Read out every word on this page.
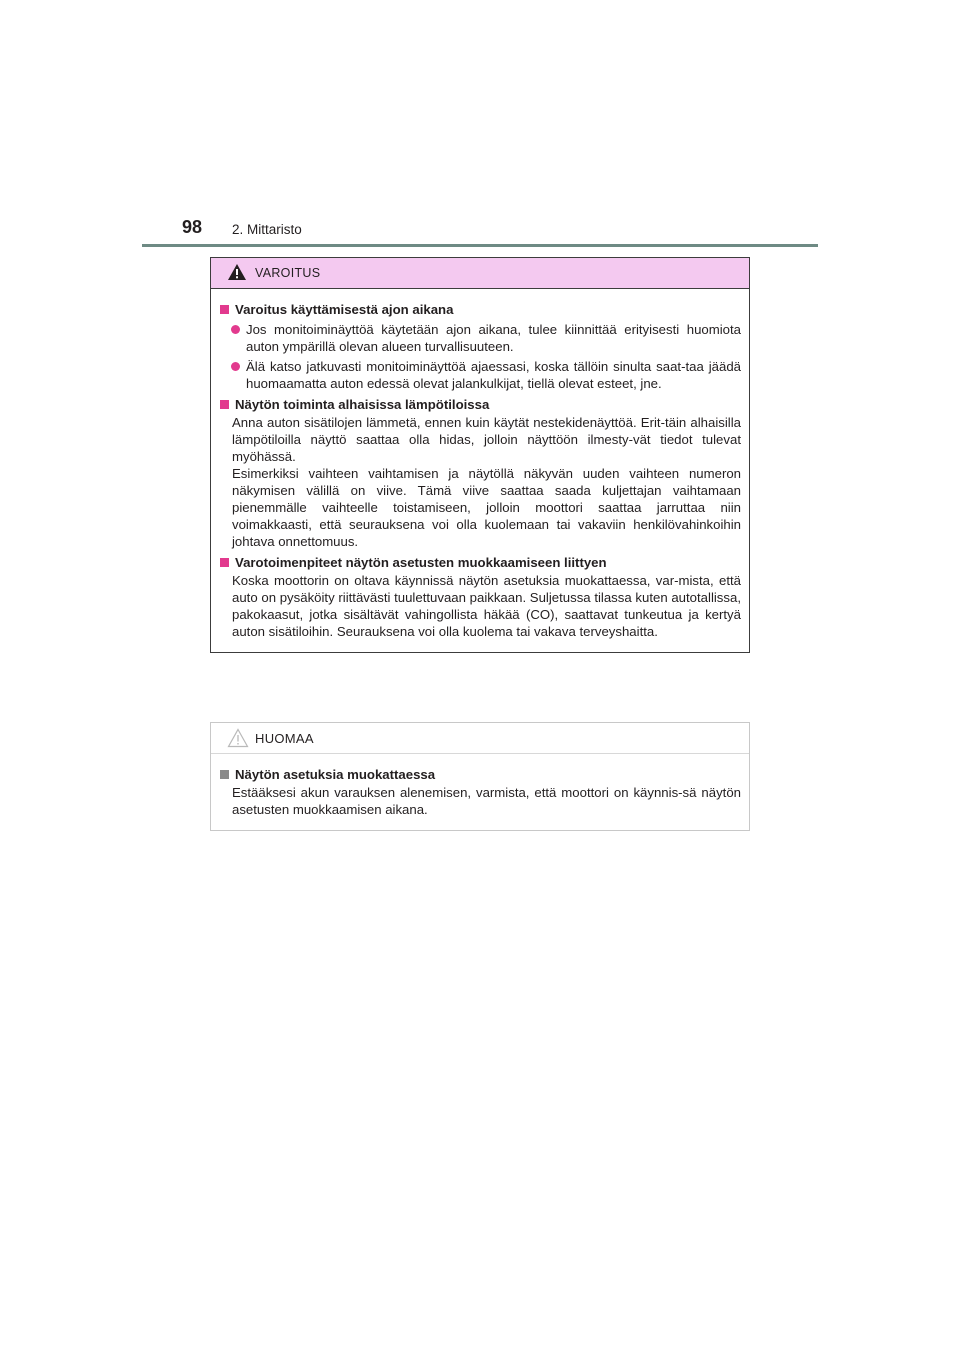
98 2. Mittaristo
VAROITUS
Varoitus käyttämisestä ajon aikana
Jos monitoiminäyttöä käytetään ajon aikana, tulee kiinnittää erityisesti huomiota auton ympärillä olevan alueen turvallisuuteen.
Älä katso jatkuvasti monitoiminäyttöä ajaessasi, koska tällöin sinulta saat-taa jäädä huomaamatta auton edessä olevat jalankulkijat, tiellä olevat esteet, jne.
Näytön toiminta alhaisissa lämpötiloissa
Anna auton sisätilojen lämmetä, ennen kuin käytät nestekidenäyttöä. Erit-täin alhaisilla lämpötiloilla näyttö saattaa olla hidas, jolloin näyttöön ilmesty-vät tiedot tulevat myöhässä.
Esimerkiksi vaihteen vaihtamisen ja näytöllä näkyvän uuden vaihteen numeron näkymisen välillä on viive. Tämä viive saattaa saada kuljettajan vaihtamaan pienemmälle vaihteelle toistamiseen, jolloin moottori saattaa jarruttaa niin voimakkaasti, että seurauksena voi olla kuolemaan tai vakaviin henkilövahinkoihin johtava onnettomuus.
Varotoimenpiteet näytön asetusten muokkaamiseen liittyen
Koska moottorin on oltava käynnissä näytön asetuksia muokattaessa, var-mista, että auto on pysäköity riittävästi tuulettuvaan paikkaan. Suljetussa tilassa kuten autotallissa, pakokaasut, jotka sisältävät vahingollista häkää (CO), saattavat tunkeutua ja kertyä auton sisätiloihin. Seurauksena voi olla kuolema tai vakava terveyshaitta.
HUOMAA
Näytön asetuksia muokattaessa
Estääksesi akun varauksen alenemisen, varmista, että moottori on käynnis-sä näytön asetusten muokkaamisen aikana.
